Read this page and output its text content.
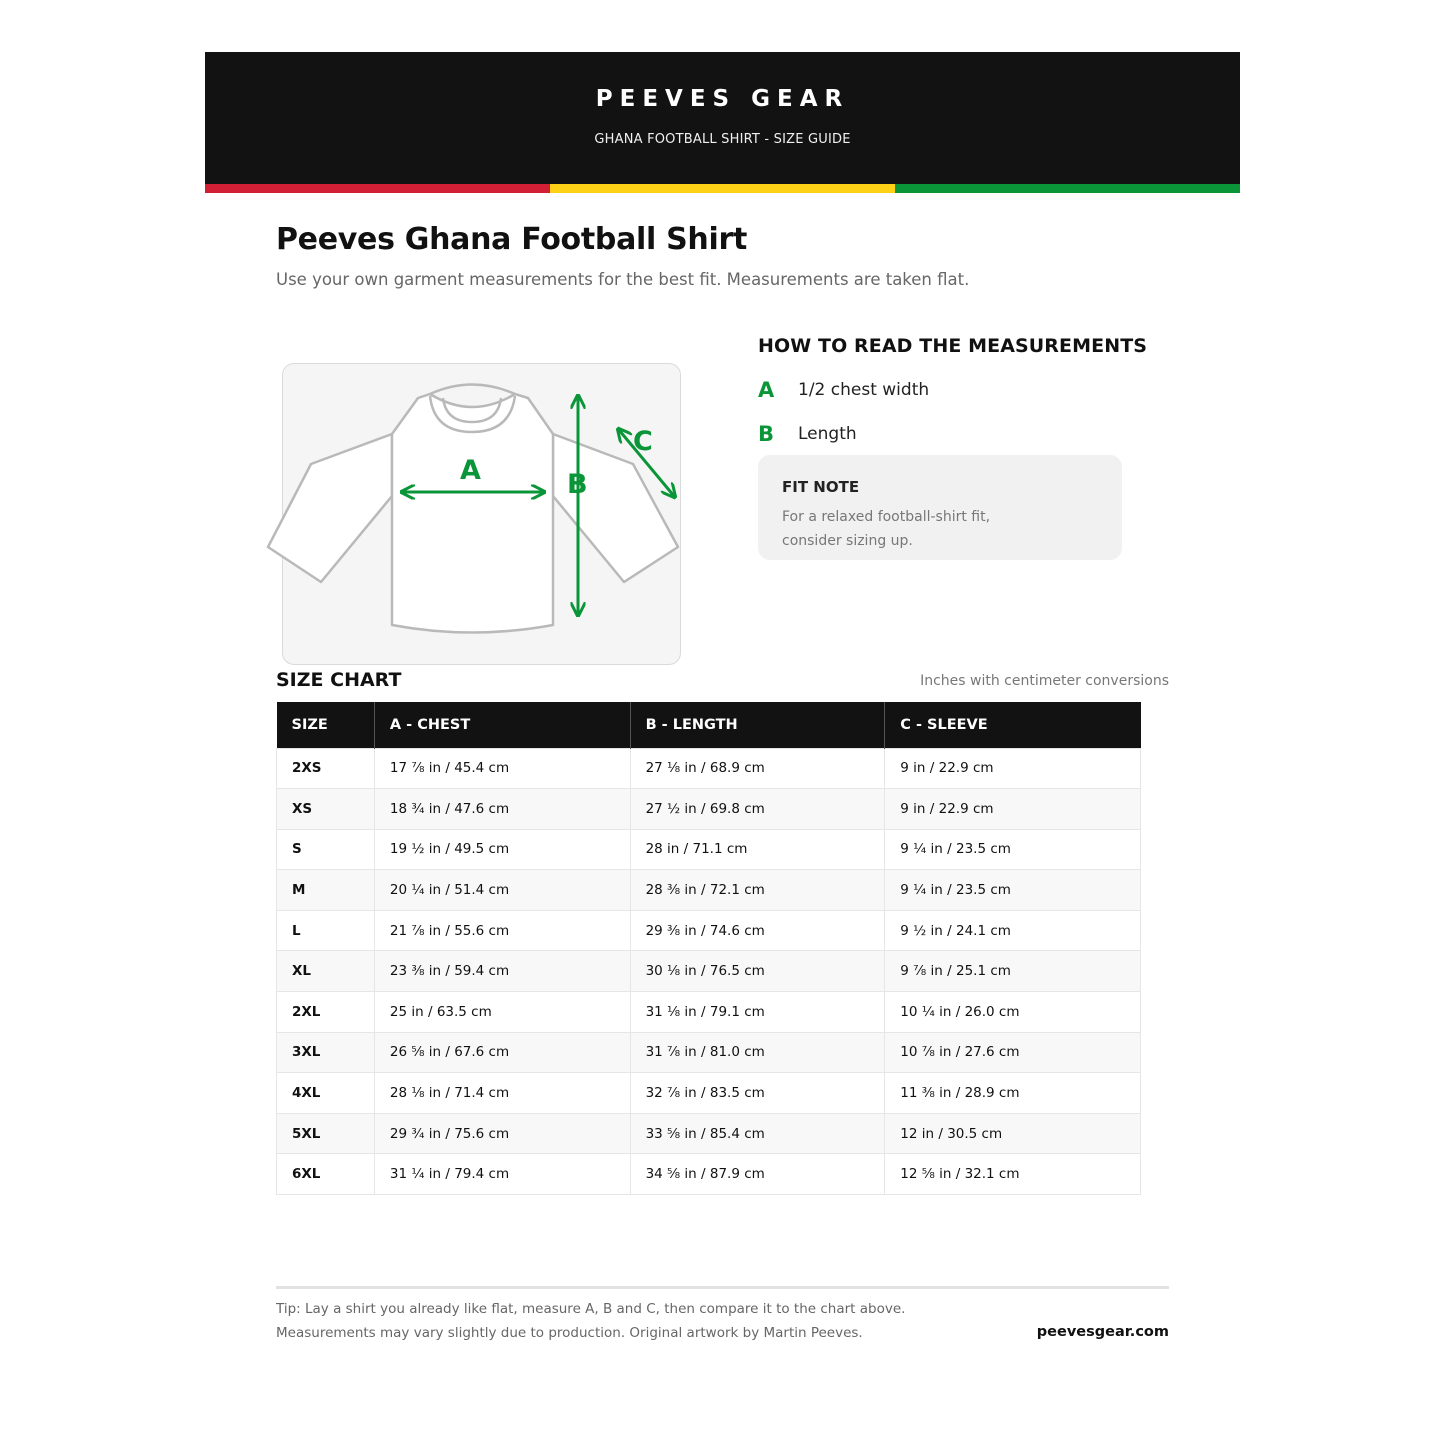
PEEVES GEAR
GHANA FOOTBALL SHIRT - SIZE GUIDE
Peeves Ghana Football Shirt

Use your own garment measurements for the best fit. Measurements are taken flat.

A	B
C
HOW TO READ THE MEASUREMENTS
A	1/2 chest width
B	Length
FIT NOTE
For a relaxed football-shirt fit, consider sizing up.
SIZE CHART	Inches with centimeter conversions
SIZE	A - CHEST	B - LENGTH	C - SLEEVE
2XS	17 ⅞ in / 45.4 cm	27 ⅛ in / 68.9 cm	9 in / 22.9 cm
XS	18 ¾ in / 47.6 cm	27 ½ in / 69.8 cm	9 in / 22.9 cm
S	19 ½ in / 49.5 cm	28 in / 71.1 cm	9 ¼ in / 23.5 cm
M	20 ¼ in / 51.4 cm	28 ⅜ in / 72.1 cm	9 ¼ in / 23.5 cm
L	21 ⅞ in / 55.6 cm	29 ⅜ in / 74.6 cm	9 ½ in / 24.1 cm
XL	23 ⅜ in / 59.4 cm	30 ⅛ in / 76.5 cm	9 ⅞ in / 25.1 cm
2XL	25 in / 63.5 cm	31 ⅛ in / 79.1 cm	10 ¼ in / 26.0 cm
3XL	26 ⅝ in / 67.6 cm	31 ⅞ in / 81.0 cm	10 ⅞ in / 27.6 cm
4XL	28 ⅛ in / 71.4 cm	32 ⅞ in / 83.5 cm	11 ⅜ in / 28.9 cm
5XL	29 ¾ in / 75.6 cm	33 ⅝ in / 85.4 cm	12 in / 30.5 cm
6XL	31 ¼ in / 79.4 cm	34 ⅝ in / 87.9 cm	12 ⅝ in / 32.1 cm
Tip: Lay a shirt you already like flat, measure A, B and C, then compare it to the chart above.
Measurements may vary slightly due to production. Original artwork by Martin Peeves.	peevesgear.com
